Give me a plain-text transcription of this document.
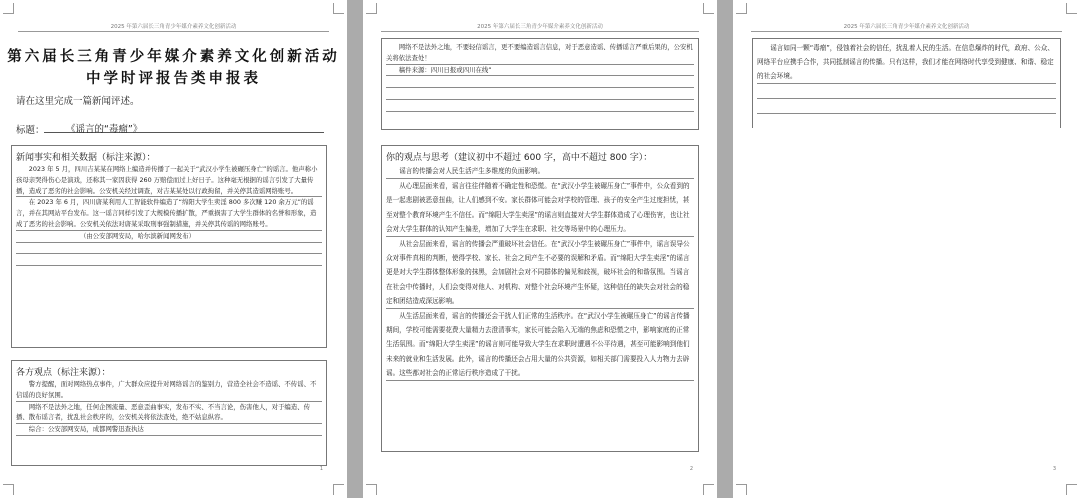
2025 年第六届长三角青少年媒介素养文化创新活动
第六届长三角青少年媒介素养文化创新活动
中学时评报告类申报表
请在这里完成一篇新闻评述。
标题： 《谣言的“毒瘤”》
新闻事实和相关数据（标注来源）：

2023 年 5 月，四川吉某某在网络上编造并传播了一起关于“武汉小学生被碾压身亡”的谣言。他声称小孩母亲哭得伤心是演戏，还称其一家因获得 260 万赔偿而过上好日子。这种毫无根据的谣言引发了大量传播，造成了恶劣的社会影响。公安机关经过调查，对吉某某处以行政拘留，并关停其造谣网络账号。

在 2023 年 6 月，四川唐某利用人工智能软件编造了“绵阳大学生卖淫 800 多次赚 120 余万元”的谣言，并在其网站平台发布。这一谣言同样引发了大规模传播扩散，严重损害了大学生群体的名誉和形象，造成了恶劣的社会影响。公安机关依法对唐某采取刑事强制措施，并关停其传谣的网络账号。

（由公安部网安局，哈尔滨新闻网发布）

各方观点（标注来源）：

警方提醒，面对网络热点事件，广大群众应提升对网络谣言的鉴别力，营造全社会不造谣、不传谣、不信谣的良好氛围。

网络不是法外之地，任何企图流量、恶意歪曲事实，发布不实、不当言论，伤害他人，对于编造、传播、散布谣言者，扰乱社会秩序的，公安机关将依法查处，绝不姑息纵容。

综合：公安部网安局，成都网警迅查执达

1
2025 年第六届长三角青少年媒介素养文化创新活动

网络不是法外之地，不要轻信谣言，更不要编造谣言信息，对于恶意造谣、传播谣言严重后果的，公安机关将依法查处！

稿件来源：四川日报或四川在线”

你的观点与思考（建议初中不超过 600 字，高中不超过 800 字）：

谣言的传播会对人民生活产生多维度的负面影响。

从心理层面来看，谣言往往伴随着不确定性和恐慌。在“武汉小学生被碾压身亡”事件中，公众看到的是一起悲剧被恶意扭曲，让人们感到不安。家长群体可能会对学校的管理、孩子的安全产生过度担忧，甚至对整个教育环境产生不信任。而“绵阳大学生卖淫”的谣言则直接对大学生群体造成了心理伤害，也让社会对大学生群体的认知产生偏差，增加了大学生在求职、社交等场景中的心理压力。

从社会层面来看，谣言的传播会严重破坏社会信任。在“武汉小学生被碾压身亡”事件中，谣言误导公众对事件真相的判断，使得学校、家长、社会之间产生不必要的误解和矛盾。而“绵阳大学生卖淫”的谣言更是对大学生群体整体形象的抹黑，会加剧社会对不同群体的偏见和歧视，破坏社会的和谐氛围。当谣言在社会中传播时，人们会变得对他人、对机构、对整个社会环境产生怀疑，这种信任的缺失会对社会的稳定和团结造成深远影响。

从生活层面来看，谣言的传播还会干扰人们正常的生活秩序。在“武汉小学生被碾压身亡”的谣言传播期间，学校可能需要花费大量精力去澄清事实，家长可能会陷入无端的焦虑和恐慌之中，影响家庭的正常生活氛围。而“绵阳大学生卖淫”的谣言则可能导致大学生在求职时遭遇不公平待遇，甚至可能影响到他们未来的就业和生活发展。此外，谣言的传播还会占用大量的公共资源，如相关部门需要投入人力物力去辟谣。这些都对社会的正常运行秩序造成了干扰。

2
2025 年第六届长三角青少年媒介素养文化创新活动

谣言如同一颗“毒瘤”，侵蚀着社会的信任，扰乱着人民的生活。在信息爆炸的时代，政府、公众、网络平台应携手合作，共同抵制谣言的传播。只有这样，我们才能在网络时代享受到健康、和谐、稳定的社会环境。

3
